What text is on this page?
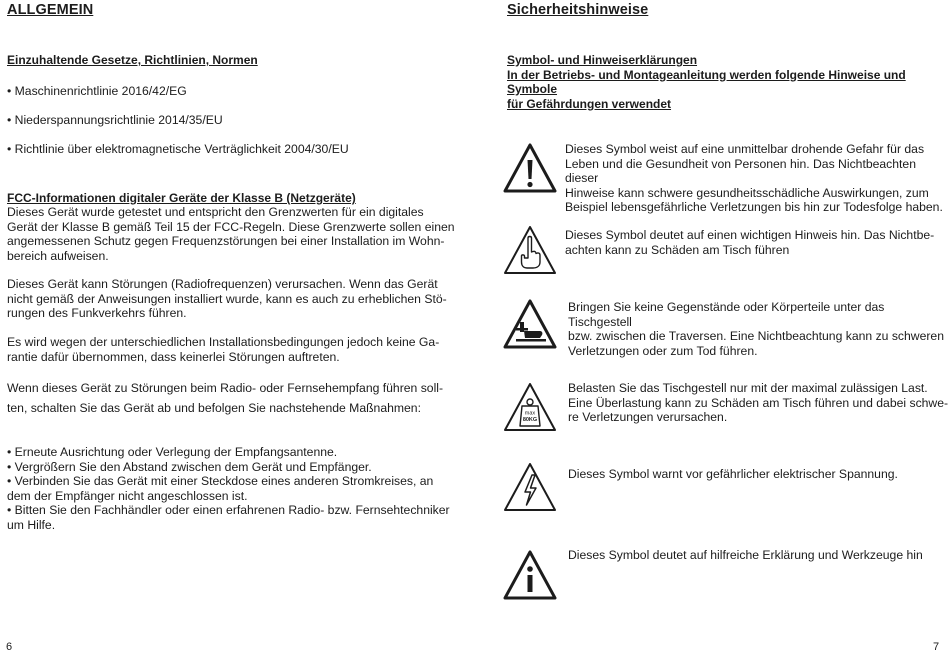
ALLGEMEIN
Einzuhaltende Gesetze, Richtlinien, Normen
• Maschinenrichtlinie 2016/42/EG
• Niederspannungsrichtlinie 2014/35/EU
• Richtlinie über elektromagnetische Verträglichkeit 2004/30/EU
FCC-Informationen digitaler Geräte der Klasse B (Netzgeräte)
Dieses Gerät wurde getestet und entspricht den Grenzwerten für ein digitales
Gerät der Klasse B gemäß Teil 15 der FCC-Regeln. Diese Grenzwerte sollen einen
angemessenen Schutz gegen Frequenzstörungen bei einer Installation im Wohn-
bereich aufweisen.
Dieses Gerät kann Störungen (Radiofrequenzen) verursachen. Wenn das Gerät
nicht gemäß der Anweisungen installiert wurde, kann es auch zu erheblichen Stö-
rungen des Funkverkehrs führen.
Es wird wegen der unterschiedlichen Installationsbedingungen jedoch keine Ga-
rantie dafür übernommen, dass keinerlei Störungen auftreten.
Wenn dieses Gerät zu Störungen beim Radio- oder Fernsehempfang führen soll-
ten, schalten Sie das Gerät ab und befolgen Sie nachstehende Maßnahmen:
• Erneute Ausrichtung oder Verlegung der Empfangsantenne.
• Vergrößern Sie den Abstand zwischen dem Gerät und Empfänger.
• Verbinden Sie das Gerät mit einer Steckdose eines anderen Stromkreises, an
dem der Empfänger nicht angeschlossen ist.
• Bitten Sie den Fachhändler oder einen erfahrenen Radio- bzw. Fernsehtechniker
um Hilfe.
6
Sicherheitshinweise
Symbol- und Hinweiserklärungen
In der Betriebs- und Montageanleitung werden folgende Hinweise und Symbole
für Gefährdungen verwendet
Dieses Symbol weist auf eine unmittelbar drohende Gefahr für das
Leben und die Gesundheit von Personen hin. Das Nichtbeachten dieser
Hinweise kann schwere gesundheitsschädliche Auswirkungen, zum
Beispiel lebensgefährliche Verletzungen bis hin zur Todesfolge haben.
Dieses Symbol deutet auf einen wichtigen Hinweis hin. Das Nichtbe-
achten kann zu Schäden am Tisch führen
Bringen Sie keine Gegenstände oder Körperteile unter das Tischgestell
bzw. zwischen die Traversen. Eine Nichtbeachtung kann zu schweren
Verletzungen oder zum Tod führen.
max
80KG
Belasten Sie das Tischgestell nur mit der maximal zulässigen Last.
Eine Überlastung kann zu Schäden am Tisch führen und dabei schwe-
re Verletzungen verursachen.
Dieses Symbol warnt vor gefährlicher elektrischer Spannung.
Dieses Symbol deutet auf hilfreiche Erklärung und Werkzeuge hin
7
